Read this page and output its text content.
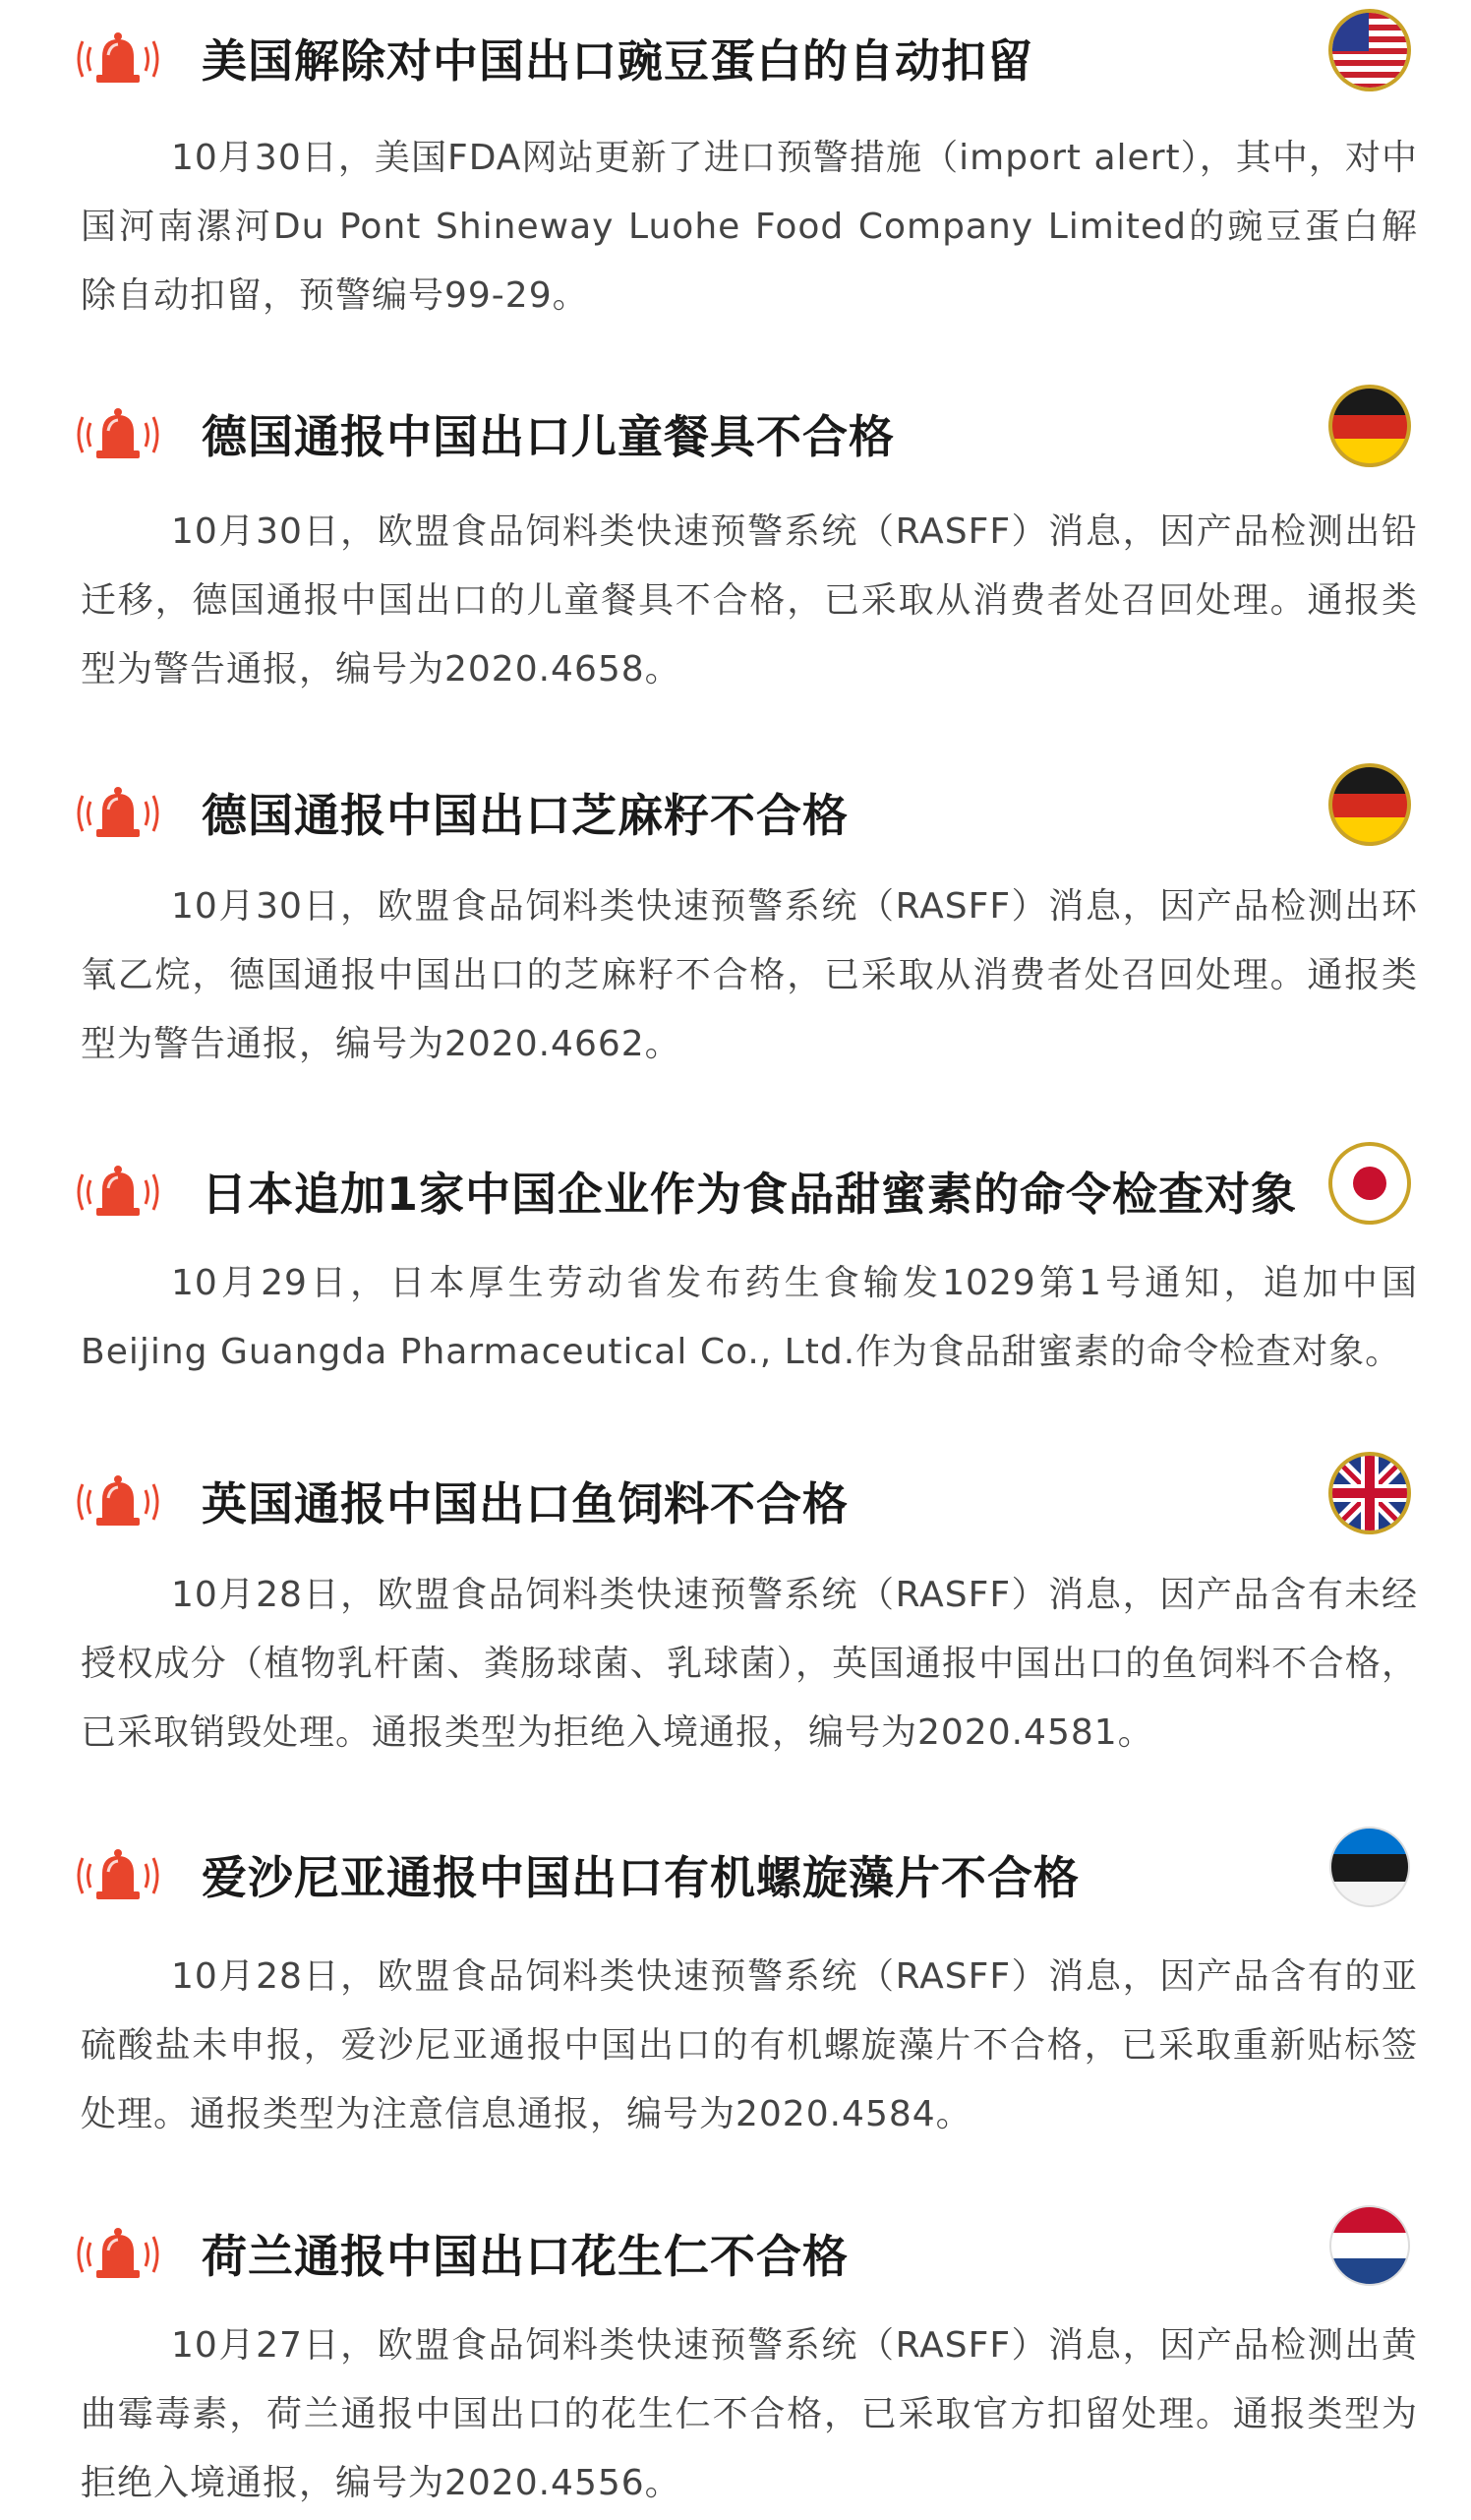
美国解除对中国出口豌豆蛋白的自动扣留
10月30日，美国FDA网站更新了进口预警措施（import alert），其中，对中国河南漯河Du Pont Shineway Luohe Food Company Limited的豌豆蛋白解除自动扣留，预警编号99-29。
德国通报中国出口儿童餐具不合格
10月30日，欧盟食品饲料类快速预警系统（RASFF）消息，因产品检测出铅迁移，德国通报中国出口的儿童餐具不合格，已采取从消费者处召回处理。通报类型为警告通报，编号为2020.4658。
德国通报中国出口芝麻籽不合格
10月30日，欧盟食品饲料类快速预警系统（RASFF）消息，因产品检测出环氧乙烷，德国通报中国出口的芝麻籽不合格，已采取从消费者处召回处理。通报类型为警告通报，编号为2020.4662。
日本追加1家中国企业作为食品甜蜜素的命令检查对象
10月29日，日本厚生劳动省发布药生食输发1029第1号通知，追加中国Beijing Guangda Pharmaceutical Co., Ltd.作为食品甜蜜素的命令检查对象。
英国通报中国出口鱼饲料不合格
10月28日，欧盟食品饲料类快速预警系统（RASFF）消息，因产品含有未经授权成分（植物乳杆菌、粪肠球菌、乳球菌），英国通报中国出口的鱼饲料不合格，已采取销毁处理。通报类型为拒绝入境通报，编号为2020.4581。
爱沙尼亚通报中国出口有机螺旋藻片不合格
10月28日，欧盟食品饲料类快速预警系统（RASFF）消息，因产品含有的亚硫酸盐未申报，爱沙尼亚通报中国出口的有机螺旋藻片不合格，已采取重新贴标签处理。通报类型为注意信息通报，编号为2020.4584。
荷兰通报中国出口花生仁不合格
10月27日，欧盟食品饲料类快速预警系统（RASFF）消息，因产品检测出黄曲霉毒素，荷兰通报中国出口的花生仁不合格，已采取官方扣留处理。通报类型为拒绝入境通报，编号为2020.4556。
